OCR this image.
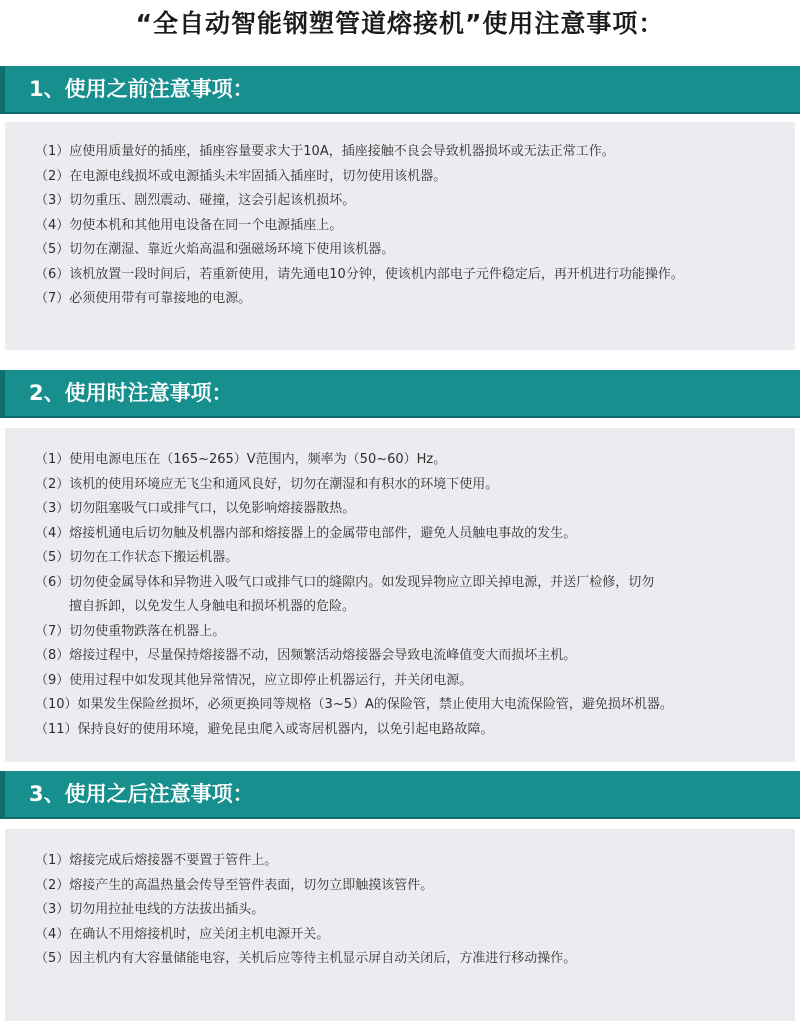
“全自动智能钢塑管道熔接机”使用注意事项：
1、使用之前注意事项：
（1）应使用质量好的插座，插座容量要求大于10A，插座接触不良会导致机器损坏或无法正常工作。
（2）在电源电线损坏或电源插头未牢固插入插座时，切勿使用该机器。
（3）切勿重压、剧烈震动、碰撞，这会引起该机损坏。
（4）勿使本机和其他用电设备在同一个电源插座上。
（5）切勿在潮湿、靠近火焰高温和强磁场环境下使用该机器。
（6）该机放置一段时间后，若重新使用，请先通电10分钟，使该机内部电子元件稳定后，再开机进行功能操作。
（7）必须使用带有可靠接地的电源。
2、使用时注意事项：
（1）使用电源电压在（165~265）V范围内，频率为（50~60）Hz。
（2）该机的使用环境应无飞尘和通风良好，切勿在潮湿和有积水的环境下使用。
（3）切勿阻塞吸气口或排气口，以免影响熔接器散热。
（4）熔接机通电后切勿触及机器内部和熔接器上的金属带电部件，避免人员触电事故的发生。
（5）切勿在工作状态下搬运机器。
（6）切勿使金属导体和异物进入吸气口或排气口的缝隙内。如发现异物应立即关掉电源，并送厂检修，切勿
擅自拆卸，以免发生人身触电和损坏机器的危险。
（7）切勿使重物跌落在机器上。
（8）熔接过程中，尽量保持熔接器不动，因频繁活动熔接器会导致电流峰值变大而损坏主机。
（9）使用过程中如发现其他异常情况，应立即停止机器运行，并关闭电源。
（10）如果发生保险丝损坏，必须更换同等规格（3~5）A的保险管，禁止使用大电流保险管，避免损坏机器。
（11）保持良好的使用环境，避免昆虫爬入或寄居机器内，以免引起电路故障。
3、使用之后注意事项：
（1）熔接完成后熔接器不要置于管件上。
（2）熔接产生的高温热量会传导至管件表面，切勿立即触摸该管件。
（3）切勿用拉扯电线的方法拔出插头。
（4）在确认不用熔接机时，应关闭主机电源开关。
（5）因主机内有大容量储能电容，关机后应等待主机显示屏自动关闭后，方准进行移动操作。
